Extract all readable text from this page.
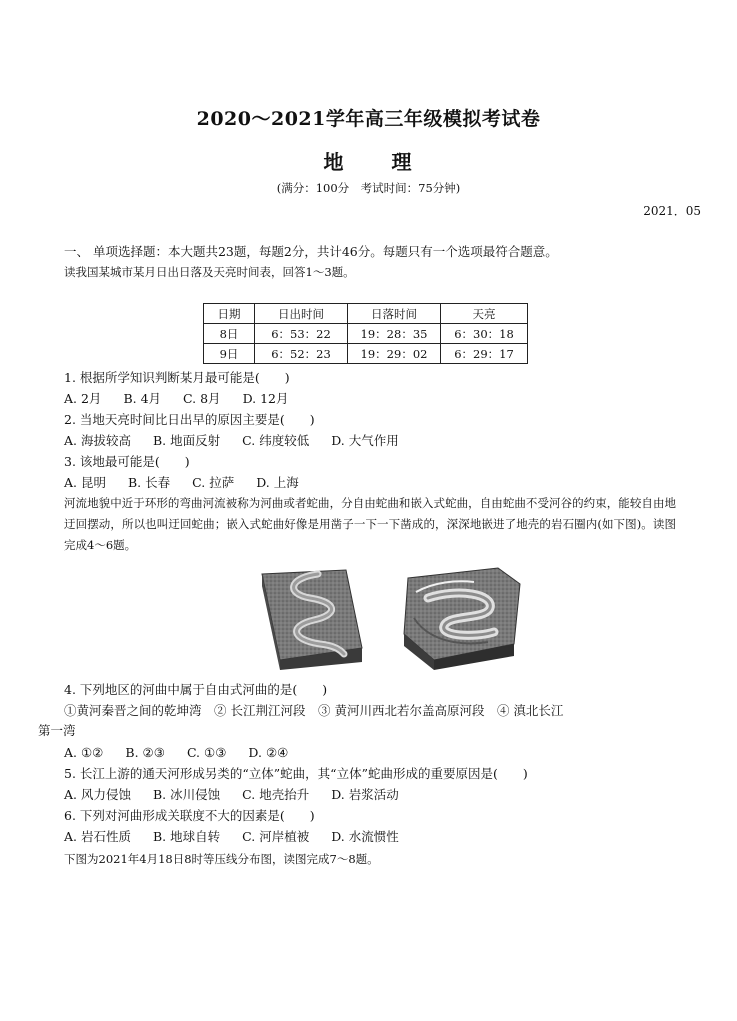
2020～2021学年高三年级模拟考试卷
地 理
(满分：100分　考试时间：75分钟)
2021．05
一、 单项选择题：本大题共23题，每题2分，共计46分。每题只有一个选项最符合题意。
读我国某城市某月日出日落及天亮时间表，回答1～3题。
日期	日出时间	日落时间	天亮
8日	6：53：22	19：28：35	6：30：18
9日	6：52：23	19：29：02	6：29：17
1. 根据所学知识判断某月最可能是(　　)
A. 2月 B. 4月 C. 8月 D. 12月
2. 当地天亮时间比日出早的原因主要是(　　)
A. 海拔较高 B. 地面反射 C. 纬度较低 D. 大气作用
3. 该地最可能是(　　)
A. 昆明 B. 长春 C. 拉萨 D. 上海

河流地貌中近于环形的弯曲河流被称为河曲或者蛇曲，分自由蛇曲和嵌入式蛇曲，自由蛇曲不受河谷的约束，能较自由地迂回摆动，所以也叫迂回蛇曲；嵌入式蛇曲好像是用凿子一下一下凿成的，深深地嵌进了地壳的岩石圈内(如下图)。读图完成4～6题。

4. 下列地区的河曲中属于自由式河曲的是(　　)
①黄河秦晋之间的乾坤湾　② 长江荆江河段　③ 黄河川西北若尔盖高原河段　④ 滇北长江
第一湾
A. ①② B. ②③ C. ①③ D. ②④
5. 长江上游的通天河形成另类的“立体”蛇曲，其“立体”蛇曲形成的重要原因是(　　)
A. 风力侵蚀 B. 冰川侵蚀 C. 地壳抬升 D. 岩浆活动
6. 下列对河曲形成关联度不大的因素是(　　)
A. 岩石性质 B. 地球自转 C. 河岸植被 D. 水流惯性
下图为2021年4月18日8时等压线分布图，读图完成7～8题。
